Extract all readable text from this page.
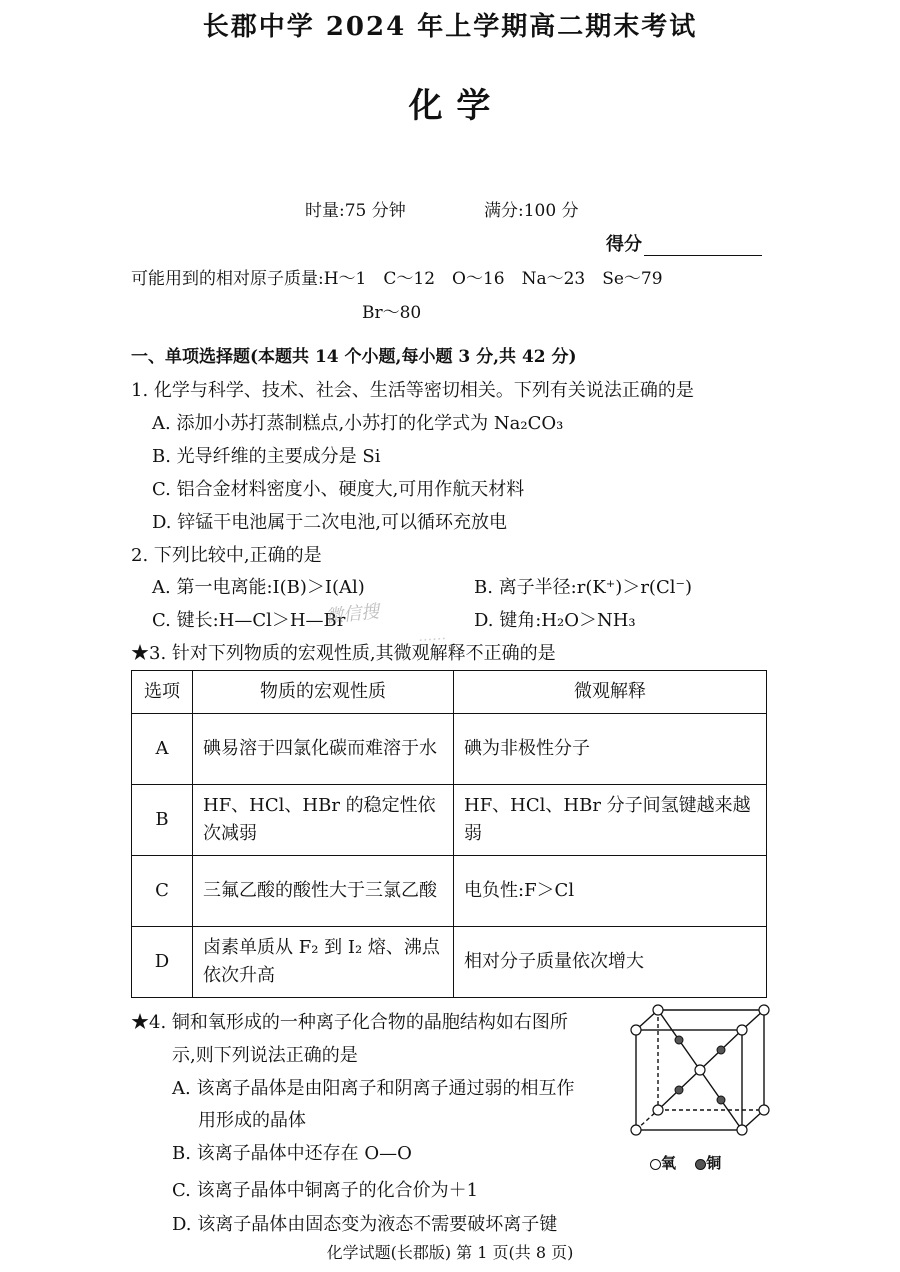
长郡中学 2024 年上学期高二期末考试
化 学
时量:75 分钟	满分:100 分
得分
可能用到的相对原子质量:H～1　C～12　O～16　Na～23　Se～79
Br～80
一、单项选择题(本题共 14 个小题,每小题 3 分,共 42 分)
1. 化学与科学、技术、社会、生活等密切相关。下列有关说法正确的是
A. 添加小苏打蒸制糕点,小苏打的化学式为 Na₂CO₃
B. 光导纤维的主要成分是 Si
C. 铝合金材料密度小、硬度大,可用作航天材料
D. 锌锰干电池属于二次电池,可以循环充放电
2. 下列比较中,正确的是
A. 第一电离能:I(B)＞I(Al)	B. 离子半径:r(K⁺)＞r(Cl⁻)
C. 键长:H—Cl＞H—Br	D. 键角:H₂O＞NH₃
微信搜
……
★3. 针对下列物质的宏观性质,其微观解释不正确的是
选项	物质的宏观性质	微观解释
A	碘易溶于四氯化碳而难溶于水	碘为非极性分子
B	HF、HCl、HBr 的稳定性依次减弱	HF、HCl、HBr 分子间氢键越来越弱
C	三氟乙酸的酸性大于三氯乙酸	电负性:F＞Cl
D	卤素单质从 F₂ 到 I₂ 熔、沸点依次升高	相对分子质量依次增大
★4. 铜和氧形成的一种离子化合物的晶胞结构如右图所
示,则下列说法正确的是
A. 该离子晶体是由阳离子和阴离子通过弱的相互作
用形成的晶体
B. 该离子晶体中还存在 O—O
C. 该离子晶体中铜离子的化合价为＋1
D. 该离子晶体由固态变为液态不需要破坏离子键
氧 铜
化学试题(长郡版) 第 1 页(共 8 页)
